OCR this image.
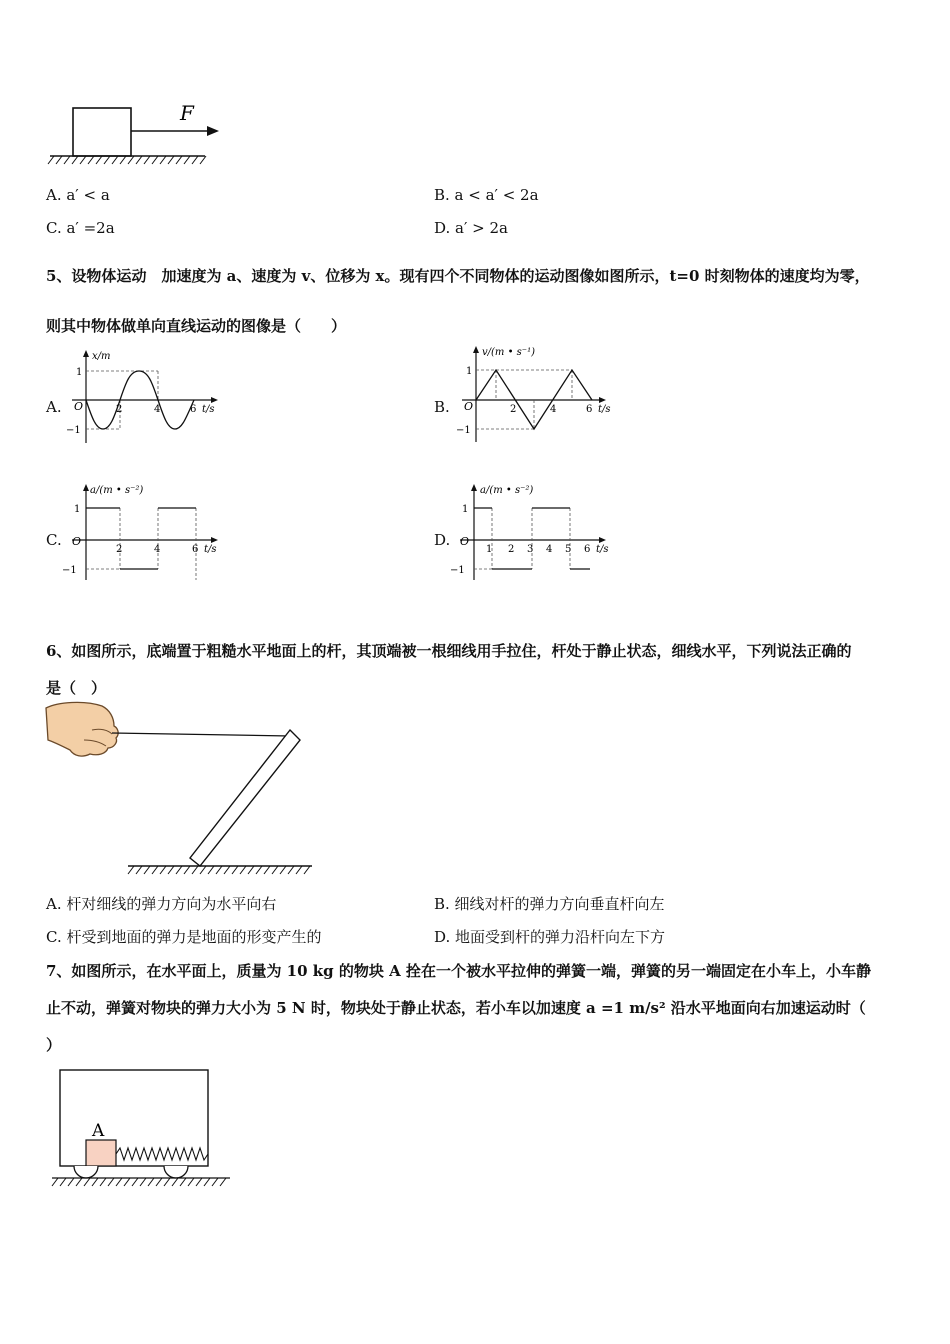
F
A. a′ < a	B. a < a′ < 2a
C. a′ =2a	D. a′ > 2a
5、设物体运动　加速度为 a、速度为 v、位移为 x。现有四个不同物体的运动图像如图所示，t=0 时刻物体的速度均为零，
则其中物体做单向直线运动的图像是（　　）
A.	B.
C.	D.
x/m
t/s
O
1
−1
2	4	6
v/(m • s⁻¹)
t/s
O
1
−1
2	4	6
a/(m • s⁻²)
t/s
O
1
−1
2	4	6
a/(m • s⁻²)
t/s
O
1
−1
1 2 3 4 5 6
6、如图所示，底端置于粗糙水平地面上的杆，其顶端被一根细线用手拉住，杆处于静止状态，细线水平，下列说法正确的
是（　）
A. 杆对细线的弹力方向为水平向右	B. 细线对杆的弹力方向垂直杆向左
C. 杆受到地面的弹力是地面的形变产生的	D. 地面受到杆的弹力沿杆向左下方
7、如图所示，在水平面上，质量为 10 kg 的物块 A 拴在一个被水平拉伸的弹簧一端，弹簧的另一端固定在小车上，小车静
止不动，弹簧对物块的弹力大小为 5 N 时，物块处于静止状态，若小车以加速度 a =1 m/s² 沿水平地面向右加速运动时（
）
A
